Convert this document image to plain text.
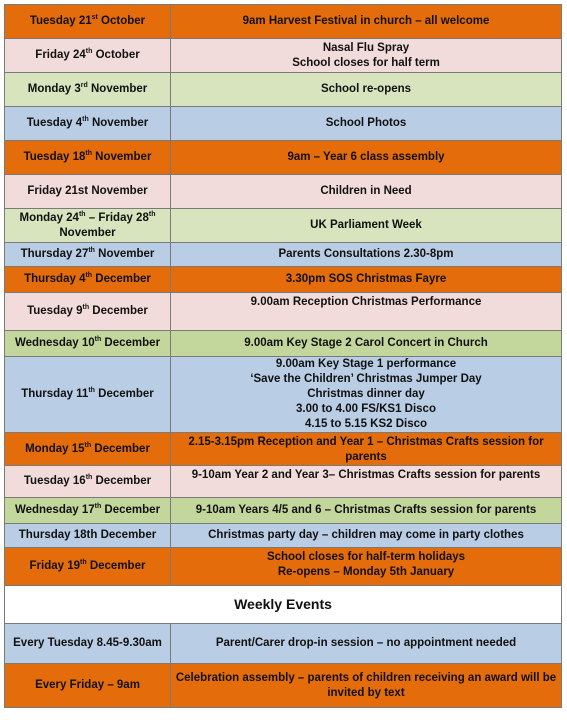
Tuesday 21st October	9am Harvest Festival in church – all welcome

Friday 24th October	Nasal Flu Spray
School closes for half term

Monday 3rd November	School re-opens

Tuesday 4th November	School Photos

Tuesday 18th November	9am – Year 6 class assembly

Friday 21st November	Children in Need

Monday 24th – Friday 28th November	UK Parliament Week

Thursday 27th November	Parents Consultations 2.30-8pm

Thursday 4th December	3.30pm SOS Christmas Fayre

Tuesday 9th December	9.00am Reception Christmas Performance

Wednesday 10th December	9.00am Key Stage 2 Carol Concert in Church

Thursday 11th December	9.00am Key Stage 1 performance
‘Save the Children’ Christmas Jumper Day
Christmas dinner day
3.00 to 4.00 FS/KS1 Disco
4.15 to 5.15 KS2 Disco

Monday 15th December	2.15-3.15pm Reception and Year 1 – Christmas Crafts session for parents

Tuesday 16th December	9-10am Year 2 and Year 3– Christmas Crafts session for parents

Wednesday 17th December	9-10am Years 4/5 and 6 – Christmas Crafts session for parents

Thursday 18th December	Christmas party day – children may come in party clothes

Friday 19th December	School closes for half-term holidays
Re-opens – Monday 5th January

Weekly Events	
Every Tuesday 8.45-9.30am	Parent/Carer drop-in session – no appointment needed

Every Friday – 9am	Celebration assembly – parents of children receiving an award will be invited by text
